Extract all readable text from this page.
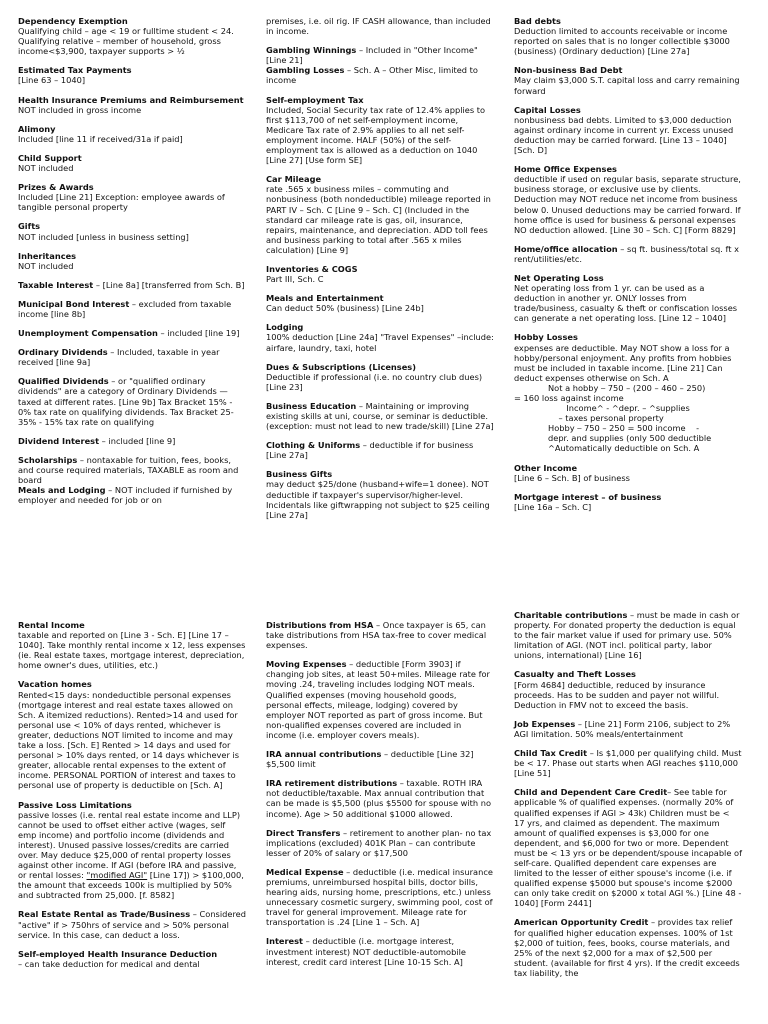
Dependency Exemption
Qualifying child – age < 19 or fulltime student < 24. Qualifying relative – member of household, gross income<$3,900, taxpayer supports > ½
Estimated Tax Payments
[Line 63 – 1040]
Health Insurance Premiums and Reimbursement
NOT included in gross income
Alimony
Included [line 11 if received/31a if paid]
Child Support
NOT included
Prizes & Awards
Included [Line 21] Exception: employee awards of tangible personal property
Gifts
NOT included [unless in business setting]
Inheritances
NOT included
Taxable Interest – [Line 8a] [transferred from Sch. B]
Municipal Bond Interest – excluded from taxable income [line 8b]
Unemployment Compensation – included [line 19]
Ordinary Dividends – Included, taxable in year received [line 9a]
Qualified Dividends – or "qualified ordinary dividends" are a category of Ordinary Dividends —taxed at different rates. [Line 9b] Tax Bracket 15% - 0% tax rate on qualifying dividends. Tax Bracket 25-35% - 15% tax rate on qualifying
Dividend Interest – included [line 9]
Scholarships – nontaxable for tuition, fees, books, and course required materials, TAXABLE as room and board
Meals and Lodging – NOT included if furnished by employer and needed for job or on
premises, i.e. oil rig. IF CASH allowance, than included in income.
Gambling Winnings – Included in "Other Income" [Line 21]
Gambling Losses – Sch. A – Other Misc, limited to income
Self-employment Tax
Included, Social Security tax rate of 12.4% applies to first $113,700 of net self-employment income, Medicare Tax rate of 2.9% applies to all net self-employment income. HALF (50%) of the self-employment tax is allowed as a deduction on 1040 [Line 27] [Use form SE]
Car Mileage
rate .565 x business miles – commuting and nonbusiness (both nondeductible) mileage reported in PART IV – Sch. C [Line 9 – Sch. C] (Included in the standard car mileage rate is gas, oil, insurance, repairs, maintenance, and depreciation. ADD toll fees and business parking to total after .565 x miles calculation) [Line 9]
Inventories & COGS
Part III, Sch. C
Meals and Entertainment
Can deduct 50% (business) [Line 24b]
Lodging
100% deduction [Line 24a] "Travel Expenses" –include: airfare, laundry, taxi, hotel
Dues & Subscriptions (Licenses)
Deductible if professional (i.e. no country club dues) [Line 23]
Business Education – Maintaining or improving existing skills at uni, course, or seminar is deductible. (exception: must not lead to new trade/skill) [Line 27a]
Clothing & Uniforms – deductible if for business [Line 27a]
Business Gifts
may deduct $25/done (husband+wife=1 donee). NOT deductible if taxpayer's supervisor/higher-level. Incidentals like giftwrapping not subject to $25 ceiling [Line 27a]
Bad debts
Deduction limited to accounts receivable or income reported on sales that is no longer collectible $3000 (business) (Ordinary deduction) [Line 27a]
Non-business Bad Debt
May claim $3,000 S.T. capital loss and carry remaining forward
Capital Losses
nonbusiness bad debts. Limited to $3,000 deduction against ordinary income in current yr. Excess unused deduction may be carried forward. [Line 13 – 1040] [Sch. D]
Home Office Expenses
deductible if used on regular basis, separate structure, business storage, or exclusive use by clients. Deduction may NOT reduce net income from business below 0. Unused deductions may be carried forward. If home office is used for business & personal expenses NO deduction allowed. [Line 30 – Sch. C] [Form 8829]
Home/office allocation – sq ft. business/total sq. ft x rent/utilities/etc.
Net Operating Loss
Net operating loss from 1 yr. can be used as a deduction in another yr. ONLY losses from trade/business, casualty & theft or confiscation losses can generate a net operating loss. [Line 12 – 1040]
Hobby Losses
expenses are deductible. May NOT show a loss for a hobby/personal enjoyment. Any profits from hobbies must be included in taxable income. [Line 21] Can deduct expenses otherwise on Sch. A
Not a hobby ⎯ 750 – (200 – 460 – 250)
= 160 loss against income
Income^ - ^depr. – ^supplies
– taxes personal property
Hobby ⎯ 750 – 250 = 500 income    -
depr. and supplies (only 500 deductible
^Automatically deductible on Sch. A
Other Income
[Line 6 – Sch. B] of business
Mortgage interest – of business
[Line 16a – Sch. C]
Rental Income
taxable and reported on [Line 3 - Sch. E] [Line 17 – 1040]. Take monthly rental income x 12, less expenses (ie. Real estate taxes, mortgage interest, depreciation, home owner's dues, utilities, etc.)
Vacation homes
Rented<15 days: nondeductible personal expenses (mortgage interest and real estate taxes allowed on Sch. A itemized reductions). Rented>14 and used for personal use < 10% of days rented, whichever is greater, deductions NOT limited to income and may take a loss. [Sch. E] Rented > 14 days and used for personal > 10% days rented, or 14 days whichever is greater, allocable rental expenses to the extent of income. PERSONAL PORTION of interest and taxes to personal use of property is deductible on [Sch. A]
Passive Loss Limitations
passive losses (i.e. rental real estate income and LLP) cannot be used to offset either active (wages, self emp income) and portfolio income (dividends and interest). Unused passive losses/credits are carried over. May deduce $25,000 of rental property losses against other income. If AGI (before IRA and passive, or rental losses: "modified AGI" [Line 17]) > $100,000, the amount that exceeds 100k is multiplied by 50% and subtracted from 25,000. [f. 8582]
Real Estate Rental as Trade/Business – Considered "active" if > 750hrs of service and > 50% personal service. In this case, can deduct a loss.
Self-employed Health Insurance Deduction
– can take deduction for medical and dental
Distributions from HSA – Once taxpayer is 65, can take distributions from HSA tax-free to cover medical expenses.
Moving Expenses – deductible [Form 3903] if changing job sites, at least 50+miles. Mileage rate for moving .24, traveling includes lodging NOT meals. Qualified expenses (moving household goods, personal effects, mileage, lodging) covered by employer NOT reported as part of gross income. But non-qualified expenses covered are included in income (i.e. employer covers meals).
IRA annual contributions – deductible [Line 32] $5,500 limit
IRA retirement distributions – taxable. ROTH IRA not deductible/taxable. Max annual contribution that can be made is $5,500 (plus $5500 for spouse with no income). Age > 50 additional $1000 allowed.
Direct Transfers – retirement to another plan- no tax implications (excluded) 401K Plan – can contribute lesser of 20% of salary or $17,500
Medical Expense – deductible (i.e. medical insurance premiums, unreimbursed hospital bills, doctor bills, hearing aids, nursing home, prescriptions, etc.) unless unnecessary cosmetic surgery, swimming pool, cost of travel for general improvement. Mileage rate for transportation is .24 [Line 1 – Sch. A]
Interest – deductible (i.e. mortgage interest, investment interest) NOT deductible-automobile interest, credit card interest [Line 10-15 Sch. A]
Charitable contributions – must be made in cash or property. For donated property the deduction is equal to the fair market value if used for primary use. 50% limitation of AGI. (NOT incl. political party, labor unions, international) [Line 16]
Casualty and Theft Losses
[Form 4684] deductible, reduced by insurance proceeds. Has to be sudden and payer not willful. Deduction in FMV not to exceed the basis.
Job Expenses – [Line 21] Form 2106, subject to 2% AGI limitation. 50% meals/entertainment
Child Tax Credit – Is $1,000 per qualifying child. Must be < 17. Phase out starts when AGI reaches $110,000 [Line 51]
Child and Dependent Care Credit– See table for applicable % of qualified expenses. (normally 20% of qualified expenses if AGI > 43k) Children must be < 17 yrs, and claimed as dependent. The maximum amount of qualified expenses is $3,000 for one dependent, and $6,000 for two or more. Dependent must be < 13 yrs or be dependent/spouse incapable of self-care. Qualified dependent care expenses are limited to the lesser of either spouse's income (i.e. if qualified expense $5000 but spouse's income $2000 can only take credit on $2000 x total AGI %.) [Line 48 - 1040] [Form 2441]
American Opportunity Credit – provides tax relief for qualified higher education expenses. 100% of 1st $2,000 of tuition, fees, books, course materials, and 25% of the next $2,000 for a max of $2,500 per student. (available for first 4 yrs). If the credit exceeds tax liability, the
